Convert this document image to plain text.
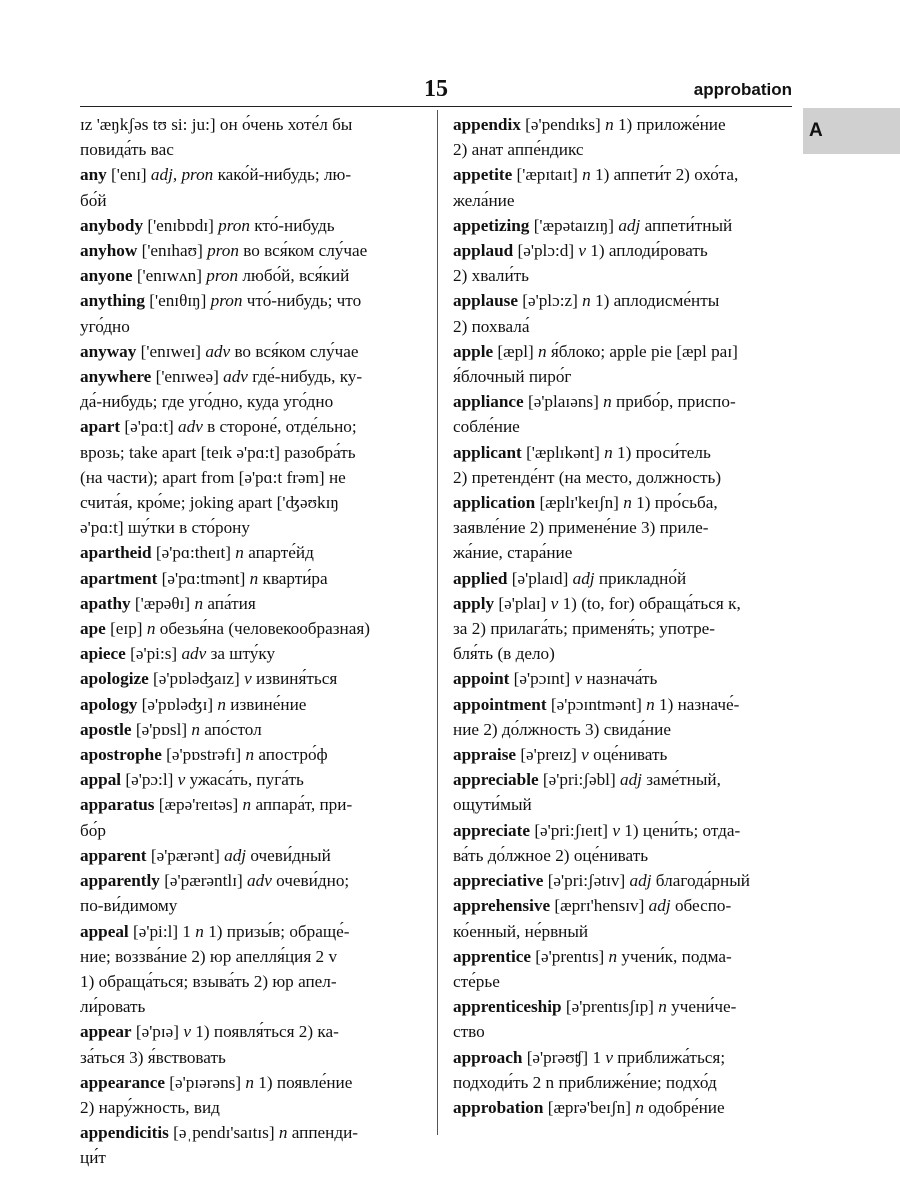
15	approbation
A
ɪz 'æŋkʃəs tʊ si: ju:] он о́чень хоте́л бы
повида́ть вас
any ['enɪ] adj, pron како́й-нибудь; лю-
бо́й
anybody ['enɪbɒdɪ] pron кто́-нибудь
anyhow ['enɪhaʊ] pron во вся́ком слу́чае
anyone ['enɪwʌn] pron любо́й, вся́кий
anything ['enɪθɪŋ] pron что́-нибудь; что
уго́дно
anyway ['enɪweɪ] adv во вся́ком слу́чае
anywhere ['enɪweə] adv где́-нибудь, ку-
да́-нибудь; где уго́дно, куда уго́дно
apart [ə'pɑ:t] adv в стороне́, отде́льно;
врозь; take apart [teɪk ə'pɑ:t] разобра́ть
(на части); apart from [ə'pɑ:t frəm] не
счита́я, кро́ме; joking apart ['ʤəʊkɪŋ
ə'pɑ:t] шу́тки в сто́рону
apartheid [ə'pɑ:theɪt] n апарте́йд
apartment [ə'pɑ:tmənt] n кварти́ра
apathy ['æpəθɪ] n апа́тия
ape [eɪp] n обезья́на (человекообразная)
apiece [ə'pi:s] adv за шту́ку
apologize [ə'pɒləʤaɪz] v извиня́ться
apology [ə'pɒləʤɪ] n извине́ние
apostle [ə'pɒsl] n апо́стол
apostrophe [ə'pɒstrəfɪ] n апостро́ф
appal [ə'pɔ:l] v ужаса́ть, пуга́ть
apparatus [æpə'reɪtəs] n аппара́т, при-
бо́р
apparent [ə'pærənt] adj очеви́дный
apparently [ə'pærəntlɪ] adv очеви́дно;
по-ви́димому
appeal [ə'pi:l] 1 n 1) призы́в; обраще́-
ние; воззва́ние 2) юр апелля́ция 2 v
1) обраща́ться; взыва́ть 2) юр апел-
ли́ровать
appear [ə'pɪə] v 1) появля́ться 2) ка-
за́ться 3) я́вствовать
appearance [ə'pɪərəns] n 1) появле́ние
2) нару́жность, вид
appendicitis [əˌpendɪ'saɪtɪs] n аппенди-
ци́т
appendix [ə'pendɪks] n 1) приложе́ние
2) анат аппе́ндикс
appetite ['æpɪtaɪt] n 1) аппети́т 2) охо́та,
жела́ние
appetizing ['æpətaɪzɪŋ] adj аппети́тный
applaud [ə'plɔ:d] v 1) аплоди́ровать
2) хвали́ть
applause [ə'plɔ:z] n 1) аплодисме́нты
2) похвала́
apple [æpl] n я́блоко; apple pie [æpl paɪ]
я́блочный пиро́г
appliance [ə'plaɪəns] n прибо́р, приспо-
собле́ние
applicant ['æplɪkənt] n 1) проси́тель
2) претенде́нт (на место, должность)
application [æplɪ'keɪʃn] n 1) про́сьба,
заявле́ние 2) примене́ние 3) приле-
жа́ние, стара́ние
applied [ə'plaɪd] adj прикладно́й
apply [ə'plaɪ] v 1) (to, for) обраща́ться к,
за 2) прилага́ть; применя́ть; употре-
бля́ть (в дело)
appoint [ə'pɔɪnt] v назнача́ть
appointment [ə'pɔɪntmənt] n 1) назначе́-
ние 2) до́лжность 3) свида́ние
appraise [ə'preɪz] v оце́нивать
appreciable [ə'pri:ʃəbl] adj заме́тный,
ощути́мый
appreciate [ə'pri:ʃɪeɪt] v 1) цени́ть; отда-
ва́ть до́лжное 2) оце́нивать
appreciative [ə'pri:ʃətɪv] adj благода́рный
apprehensive [æprɪ'hensɪv] adj обеспо-
ко́енный, не́рвный
apprentice [ə'prentɪs] n учени́к, подма-
сте́рье
apprenticeship [ə'prentɪsʃɪp] n учени́че-
ство
approach [ə'prəʊʧ] 1 v приближа́ться;
подходи́ть 2 n приближе́ние; подхо́д
approbation [æprə'beɪʃn] n одобре́ние
